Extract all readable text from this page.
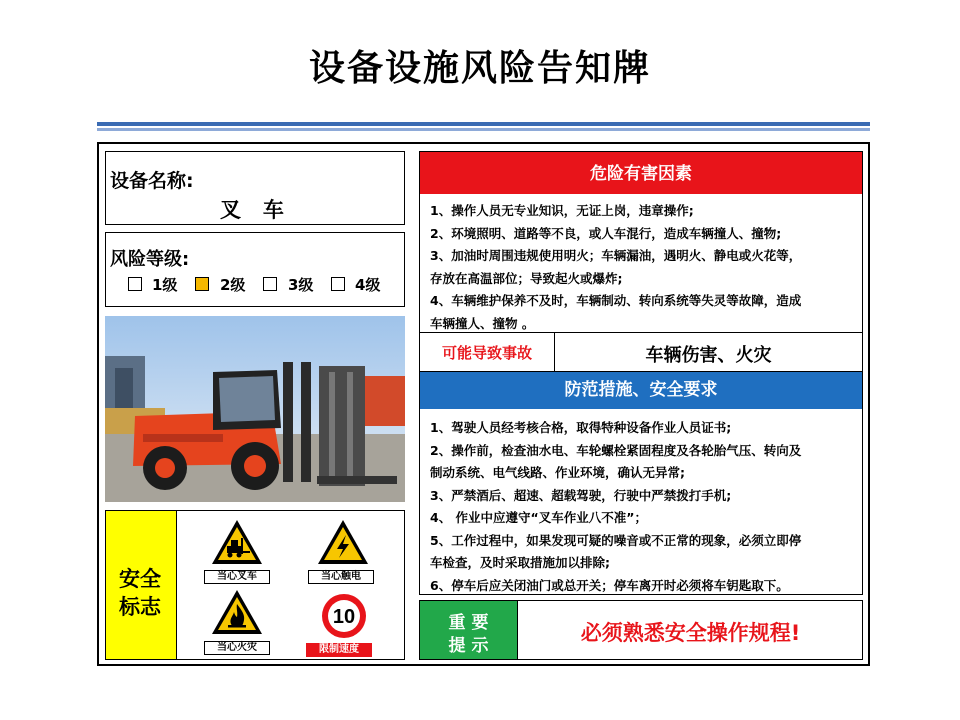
设备设施风险告知牌
设备名称:
叉   车
风险等级:
1级	2级	3级	4级
安全
标志
当心叉车	当心触电
当心火灾
10
限制速度
危险有害因素
1、操作人员无专业知识，无证上岗，违章操作;
2、环境照明、道路等不良，或人车混行，造成车辆撞人、撞物;
3、加油时周围违规使用明火；车辆漏油，遇明火、静电或火花等，
存放在高温部位；导致起火或爆炸;
4、车辆维护保养不及时，车辆制动、转向系统等失灵等故障，造成
车辆撞人、撞物 。
可能导致事故	车辆伤害、火灾
防范措施、安全要求
1、驾驶人员经考核合格，取得特种设备作业人员证书;
2、操作前，检查油水电、车轮螺栓紧固程度及各轮胎气压、转向及
制动系统、电气线路、作业环境，确认无异常;
3、严禁酒后、超速、超载驾驶，行驶中严禁拨打手机;
4、 作业中应遵守“叉车作业八不准”；
5、工作过程中，如果发现可疑的噪音或不正常的现象，必须立即停
车检查，及时采取措施加以排除;
6、停车后应关闭油门或总开关；停车离开时必须将车钥匙取下。
重 要
提 示
必须熟悉安全操作规程!
